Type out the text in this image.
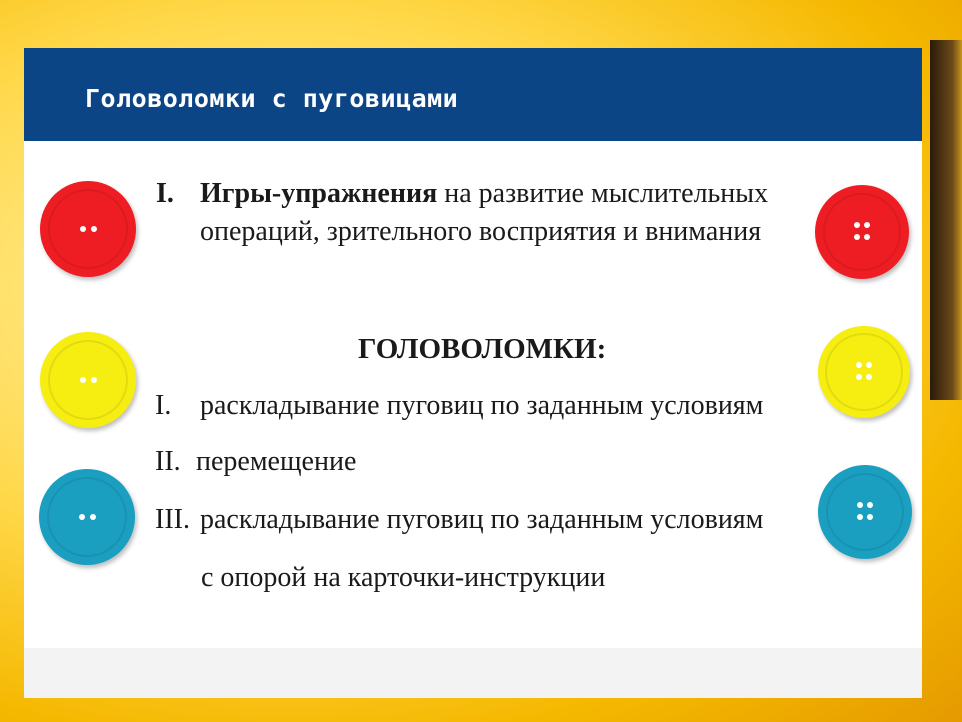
Головоломки с пуговицами
I. Игры-упражнения на развитие мыслительных
операций, зрительного восприятия и внимания
ГОЛОВОЛОМКИ:
I. раскладывание пуговиц по заданным условиям
II. перемещение
III. раскладывание пуговиц по заданным условиям
с опорой на карточки-инструкции
